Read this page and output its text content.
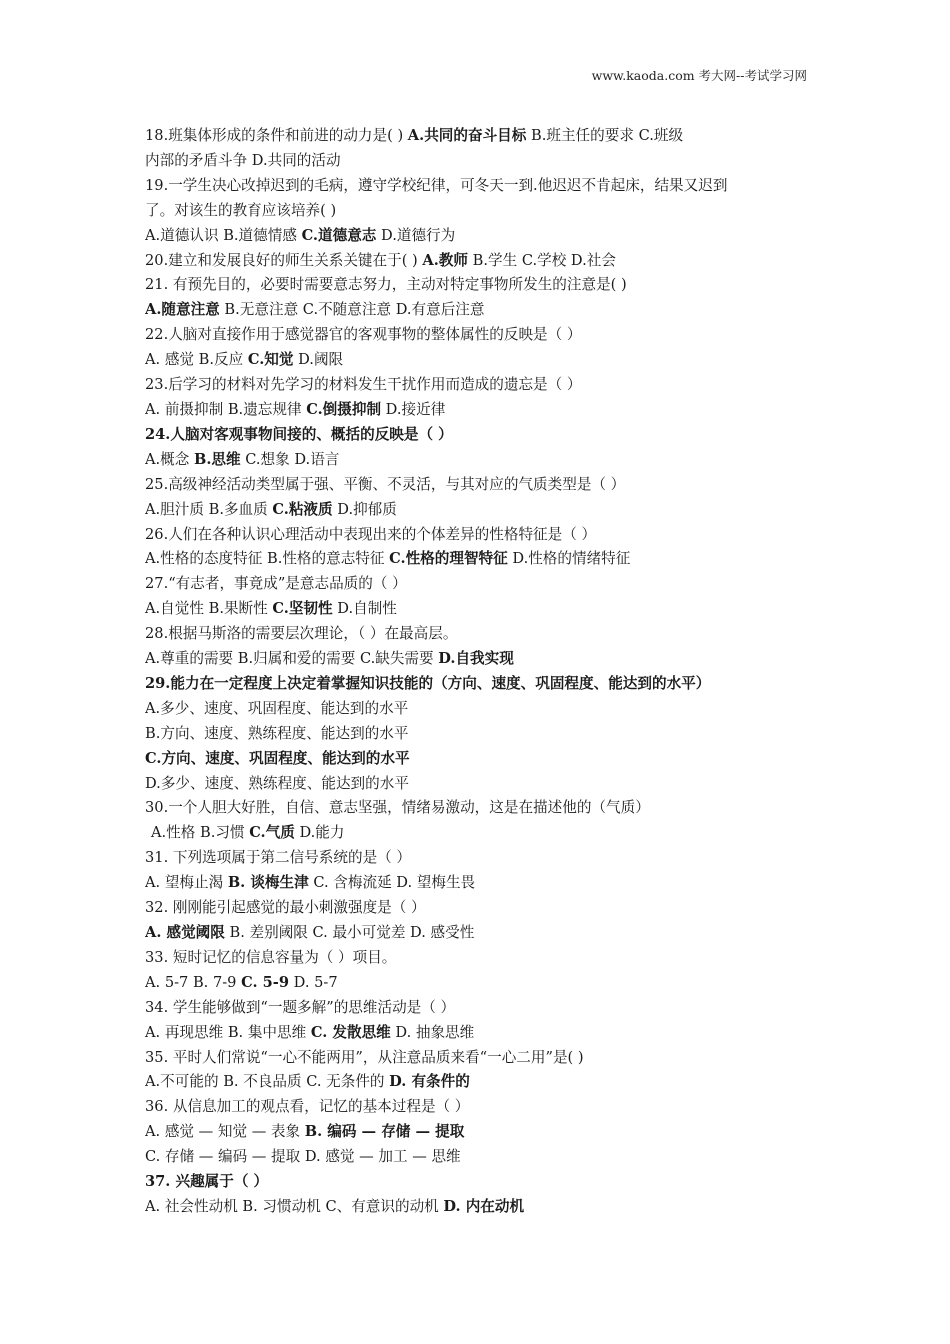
www.kaoda.com 考大网--考试学习网
18.班集体形成的条件和前进的动力是( ) A.共同的奋斗目标 B.班主任的要求 C.班级
内部的矛盾斗争 D.共同的活动
19.一学生决心改掉迟到的毛病，遵守学校纪律，可冬天一到.他迟迟不肯起床，结果又迟到
了。对该生的教育应该培养( )
A.道德认识 B.道德情感 C.道德意志 D.道德行为
20.建立和发展良好的师生关系关键在于( ) A.教师 B.学生 C.学校 D.社会
21. 有预先目的，必要时需要意志努力，主动对特定事物所发生的注意是( )
A.随意注意 B.无意注意 C.不随意注意 D.有意后注意
22.人脑对直接作用于感觉器官的客观事物的整体属性的反映是（ ）
A. 感觉 B.反应 C.知觉 D.阈限
23.后学习的材料对先学习的材料发生干扰作用而造成的遗忘是（ ）
A. 前摄抑制 B.遗忘规律 C.倒摄抑制 D.接近律
24.人脑对客观事物间接的、概括的反映是（ ）
A.概念 B.思维 C.想象 D.语言
25.高级神经活动类型属于强、平衡、不灵活，与其对应的气质类型是（ ）
A.胆汁质 B.多血质 C.粘液质 D.抑郁质
26.人们在各种认识心理活动中表现出来的个体差异的性格特征是（ ）
A.性格的态度特征 B.性格的意志特征 C.性格的理智特征 D.性格的情绪特征
27.“有志者，事竟成”是意志品质的（ ）
A.自觉性 B.果断性 C.坚韧性 D.自制性
28.根据马斯洛的需要层次理论，（ ）在最高层。
A.尊重的需要 B.归属和爱的需要 C.缺失需要 D.自我实现
29.能力在一定程度上决定着掌握知识技能的（方向、速度、巩固程度、能达到的水平）
A.多少、速度、巩固程度、能达到的水平
B.方向、速度、熟练程度、能达到的水平
C.方向、速度、巩固程度、能达到的水平
D.多少、速度、熟练程度、能达到的水平
30.一个人胆大好胜，自信、意志坚强，情绪易激动，这是在描述他的（气质）
A.性格 B.习惯 C.气质 D.能力
31. 下列选项属于第二信号系统的是（ ）
A. 望梅止渴 B. 谈梅生津 C. 含梅流延 D. 望梅生畏
32. 刚刚能引起感觉的最小刺激强度是（ ）
A. 感觉阈限 B. 差别阈限 C. 最小可觉差 D. 感受性
33. 短时记忆的信息容量为（ ）项目。
A. 5-7 B. 7-9 C. 5-9 D. 5-7
34. 学生能够做到“一题多解”的思维活动是（ ）
A. 再现思维 B. 集中思维 C. 发散思维 D. 抽象思维
35. 平时人们常说“一心不能两用”，从注意品质来看“一心二用”是( )
A.不可能的 B. 不良品质 C. 无条件的 D. 有条件的
36. 从信息加工的观点看，记忆的基本过程是（ ）
A. 感觉 — 知觉 — 表象 B. 编码 — 存储 — 提取
C. 存储 — 编码 — 提取 D. 感觉 — 加工 — 思维
37. 兴趣属于（ ）
A. 社会性动机 B. 习惯动机 C、有意识的动机 D. 内在动机
